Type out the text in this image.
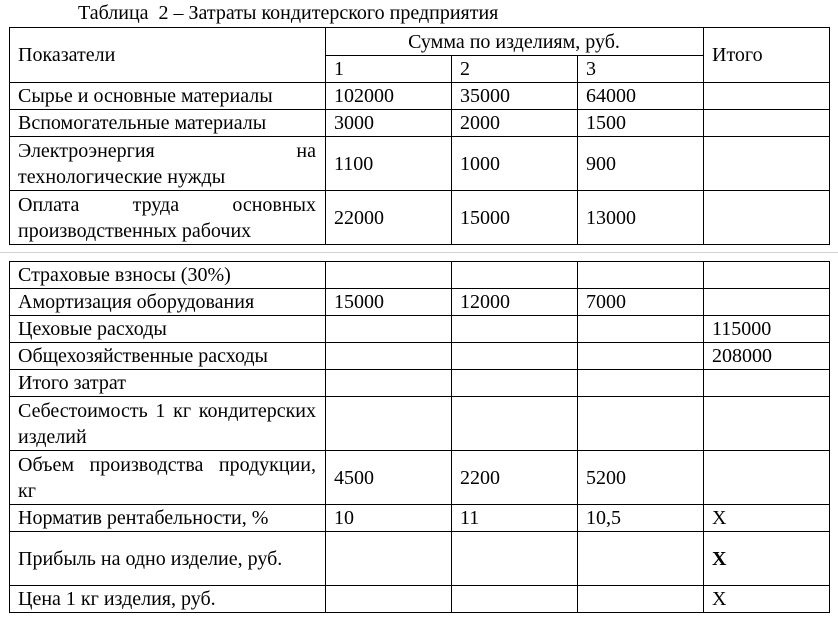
Таблица  2 – Затраты кондитерского предприятия
Показатели	Сумма по изделиям, руб.			Итого
	1	2	3	
Сырье и основные материалы	102000	35000	64000	
Вспомогательные материалы	3000	2000	1500	
Электроэнергия на технологические нужды	1100	1000	900	
Оплата труда основных производственных рабочих	22000	15000	13000	
Страховые взносы (30%)				
Амортизация оборудования	15000	12000	7000	
Цеховые расходы				115000
Общехозяйственные расходы				208000
Итого затрат				
Себестоимость 1 кг кондитерских изделий				
Объем производства продукции, кг	4500	2200	5200	
Норматив рентабельности, %	10	11	10,5	X
Прибыль на одно изделие, руб.				X
Цена 1 кг изделия, руб.				X
